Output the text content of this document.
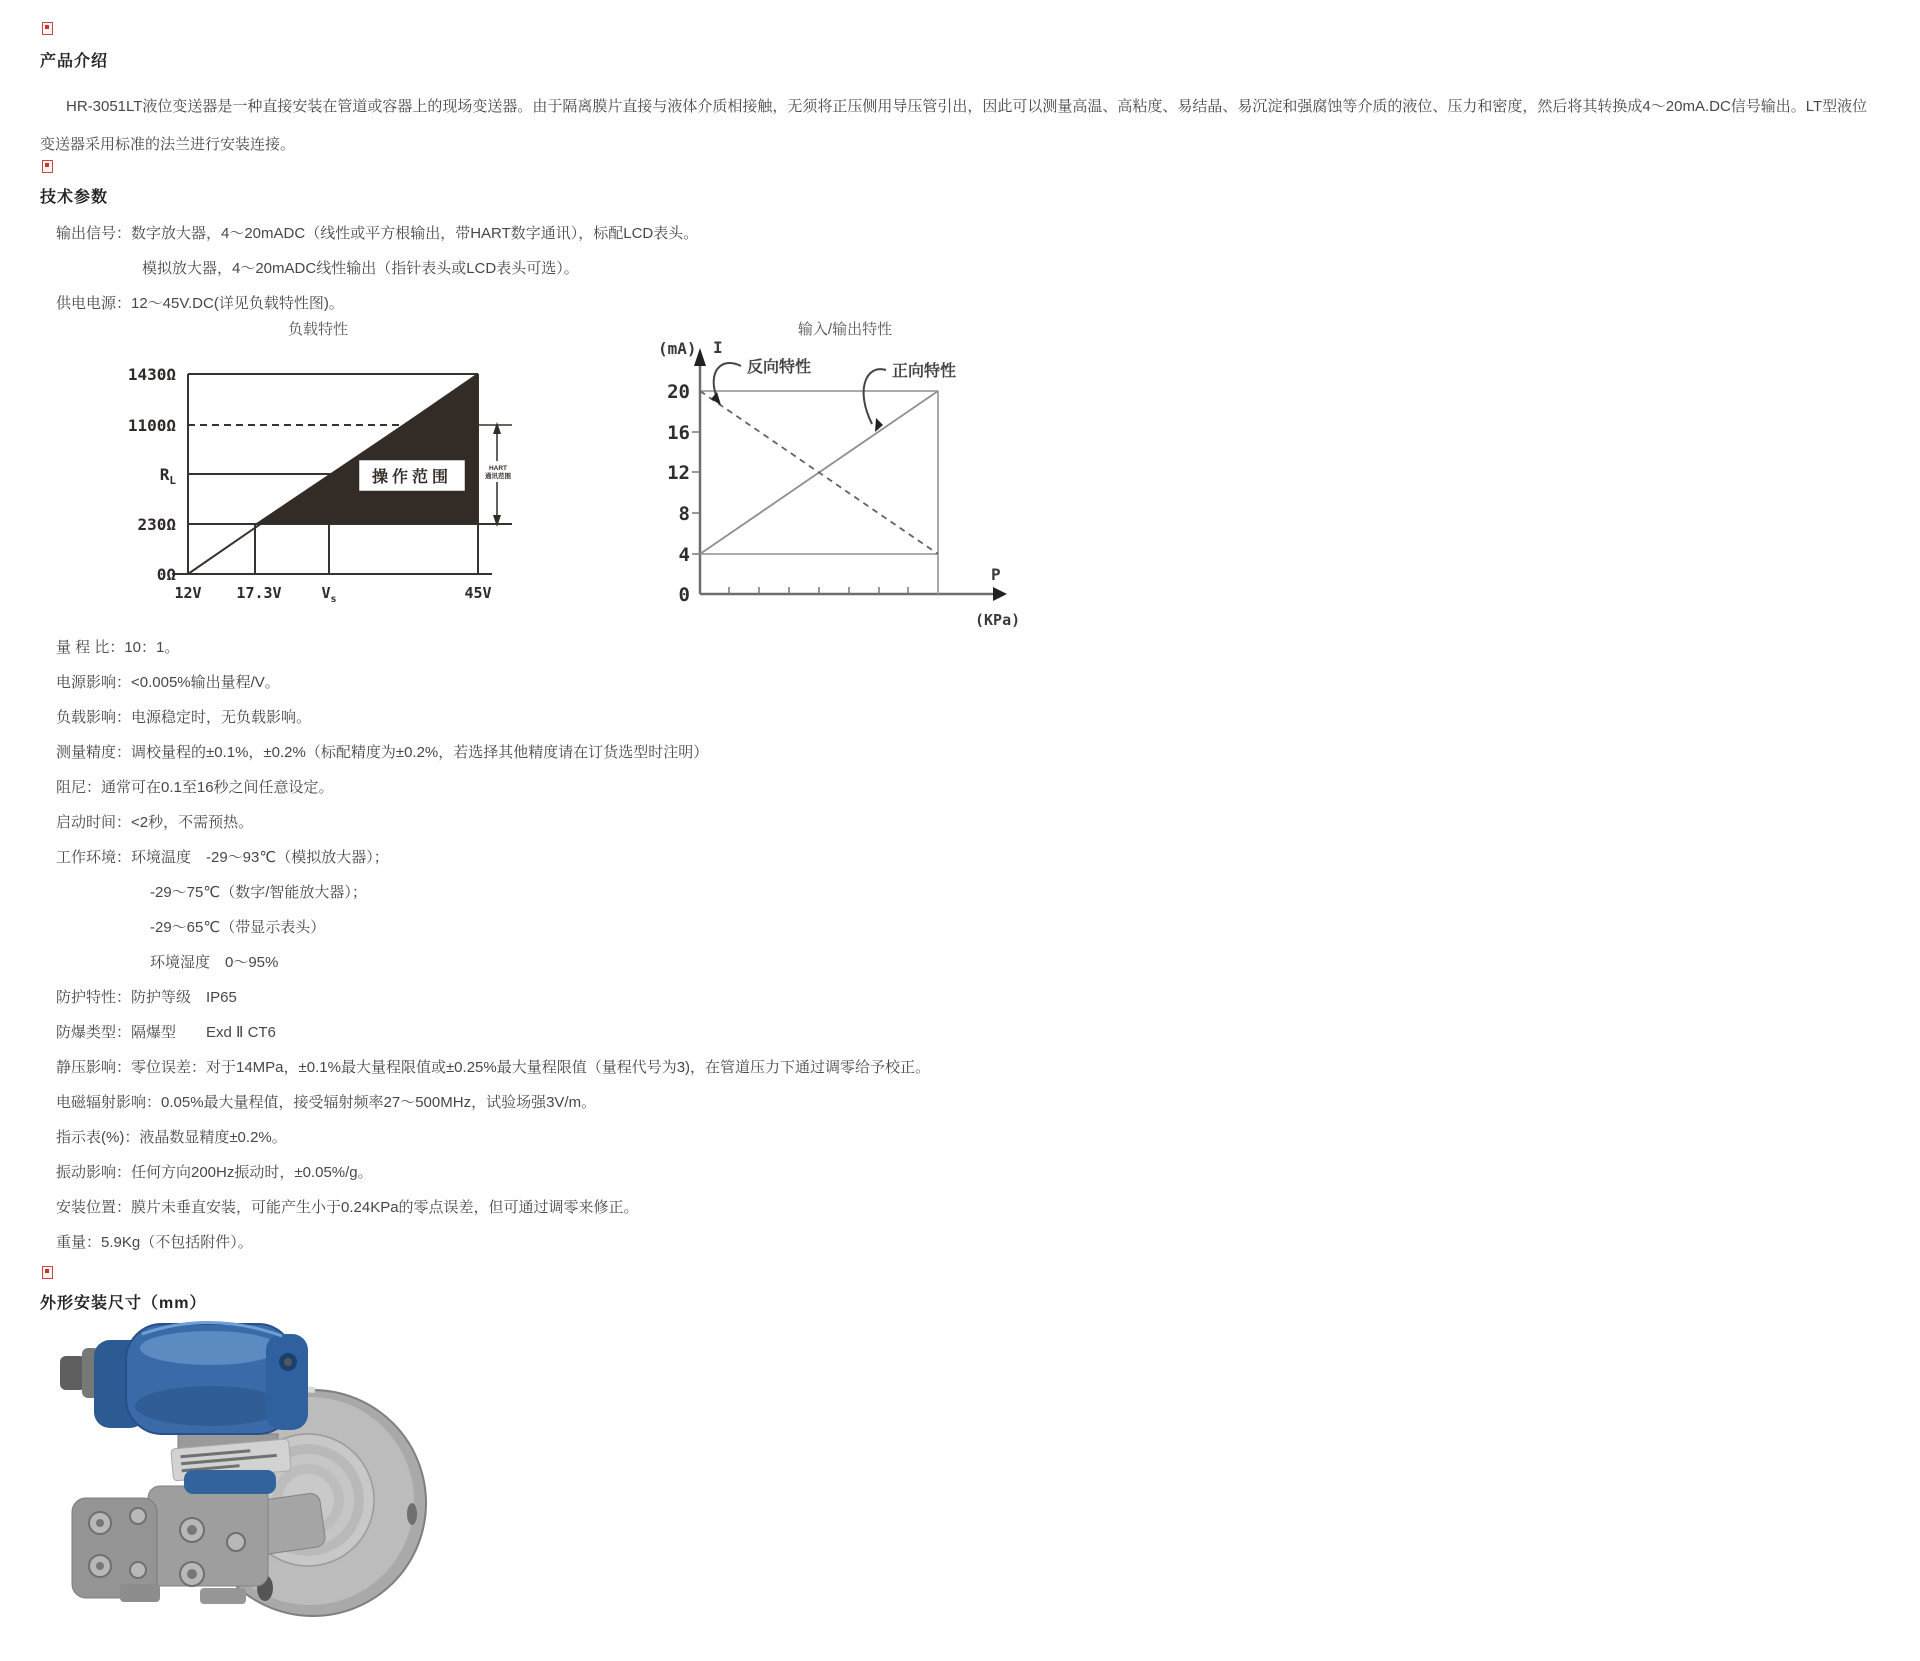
产品介绍
HR-3051LT液位变送器是一种直接安装在管道或容器上的现场变送器。由于隔离膜片直接与液体介质相接触，无须将正压侧用导压管引出，因此可以测量高温、高粘度、易结晶、易沉淀和强腐蚀等介质的液位、压力和密度，然后将其转换成4～20mA.DC信号输出。LT型液位变送器采用标准的法兰进行安装连接。
技术参数
输出信号：数字放大器，4～20mADC（线性或平方根输出，带HART数字通讯），标配LCD表头。
模拟放大器，4～20mADC线性输出（指针表头或LCD表头可选）。
供电电源：12～45V.DC(详见负载特性图)。
负载特性
操作范围
HART
通讯范围
1430Ω
1100Ω
$R_L$
230Ω
0Ω
12V 17.3V	$V_s$	45V
输入/输出特性
20
16
12
8
4
0
(mA) I
P
(KPa)
反向特性	正向特性
量 程 比：10：1。
电源影响：<0.005%输出量程/V。
负载影响：电源稳定时，无负载影响。
测量精度：调校量程的±0.1%，±0.2%（标配精度为±0.2%，若选择其他精度请在订货选型时注明）
阻尼：通常可在0.1至16秒之间任意设定。
启动时间：<2秒，不需预热。
工作环境：环境温度　-29～93℃（模拟放大器）；
-29～75℃（数字/智能放大器）；
-29～65℃（带显示表头）
环境湿度　0～95%
防护特性：防护等级　IP65
防爆类型：隔爆型　　Exd Ⅱ CT6
静压影响：零位误差：对于14MPa，±0.1%最大量程限值或±0.25%最大量程限值（量程代号为3)，在管道压力下通过调零给予校正。
电磁辐射影响：0.05%最大量程值，接受辐射频率27～500MHz，试验场强3V/m。
指示表(%)：液晶数显精度±0.2%。
振动影响：任何方向200Hz振动时，±0.05%/g。
安装位置：膜片未垂直安装，可能产生小于0.24KPa的零点误差，但可通过调零来修正。
重量：5.9Kg（不包括附件）。
外形安装尺寸（mm）
